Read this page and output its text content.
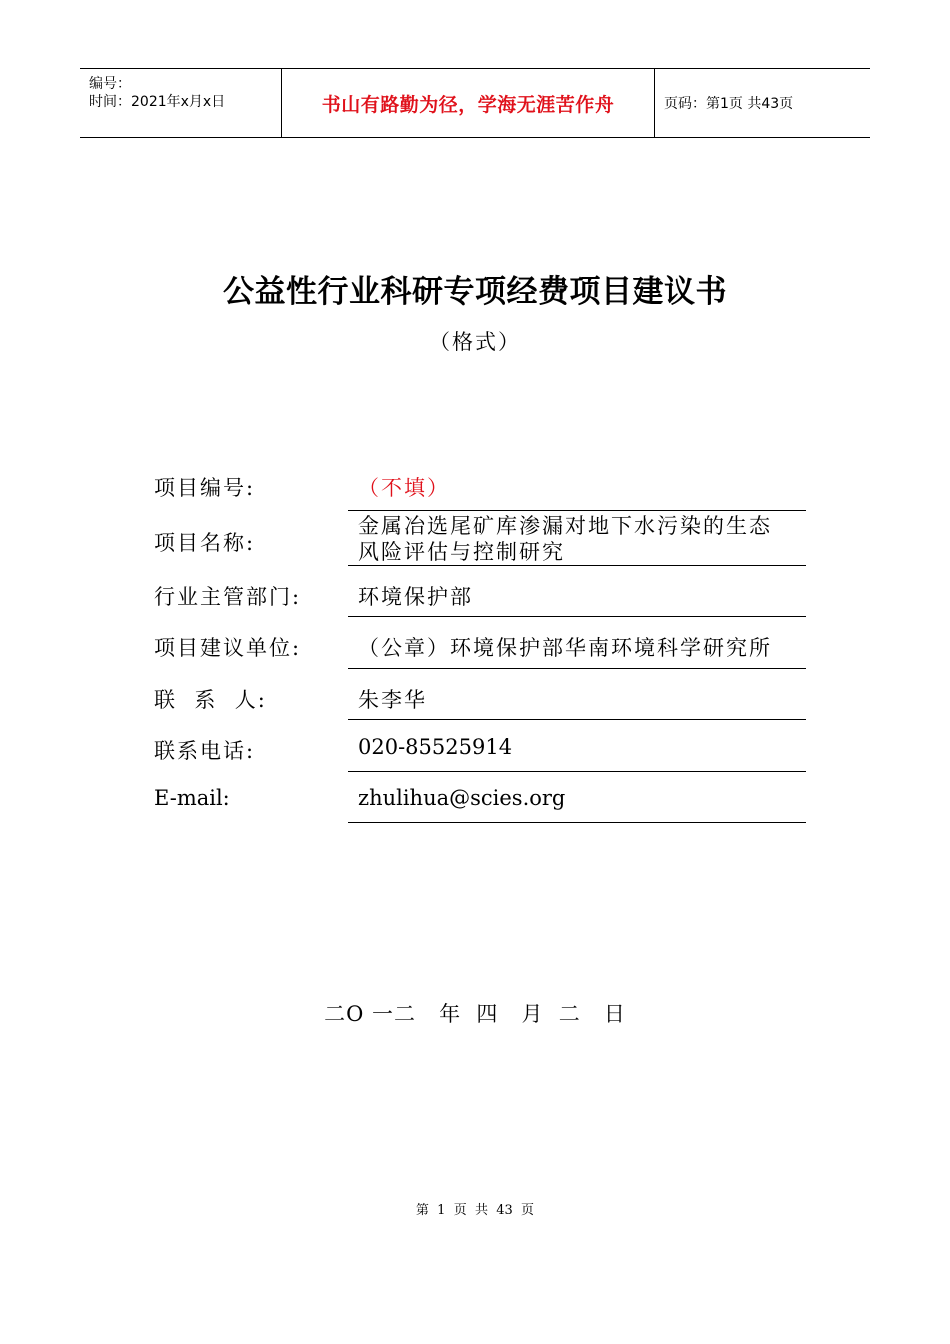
编号：
时间：2021年x月x日	书山有路勤为径，学海无涯苦作舟	页码：第1页 共43页
公益性行业科研专项经费项目建议书
（格式）
项目编号:	（不填）
项目名称:
金属冶选尾矿库渗漏对地下水污染的生态
风险评估与控制研究
行业主管部门:	环境保护部
项目建议单位:	（公章）环境保护部华南环境科学研究所
联  系  人:	朱李华
联系电话:	020-85525914
E-mail:	zhulihua@scies.org
二O 一二   年  四   月  二   日
第  1  页  共  43  页
